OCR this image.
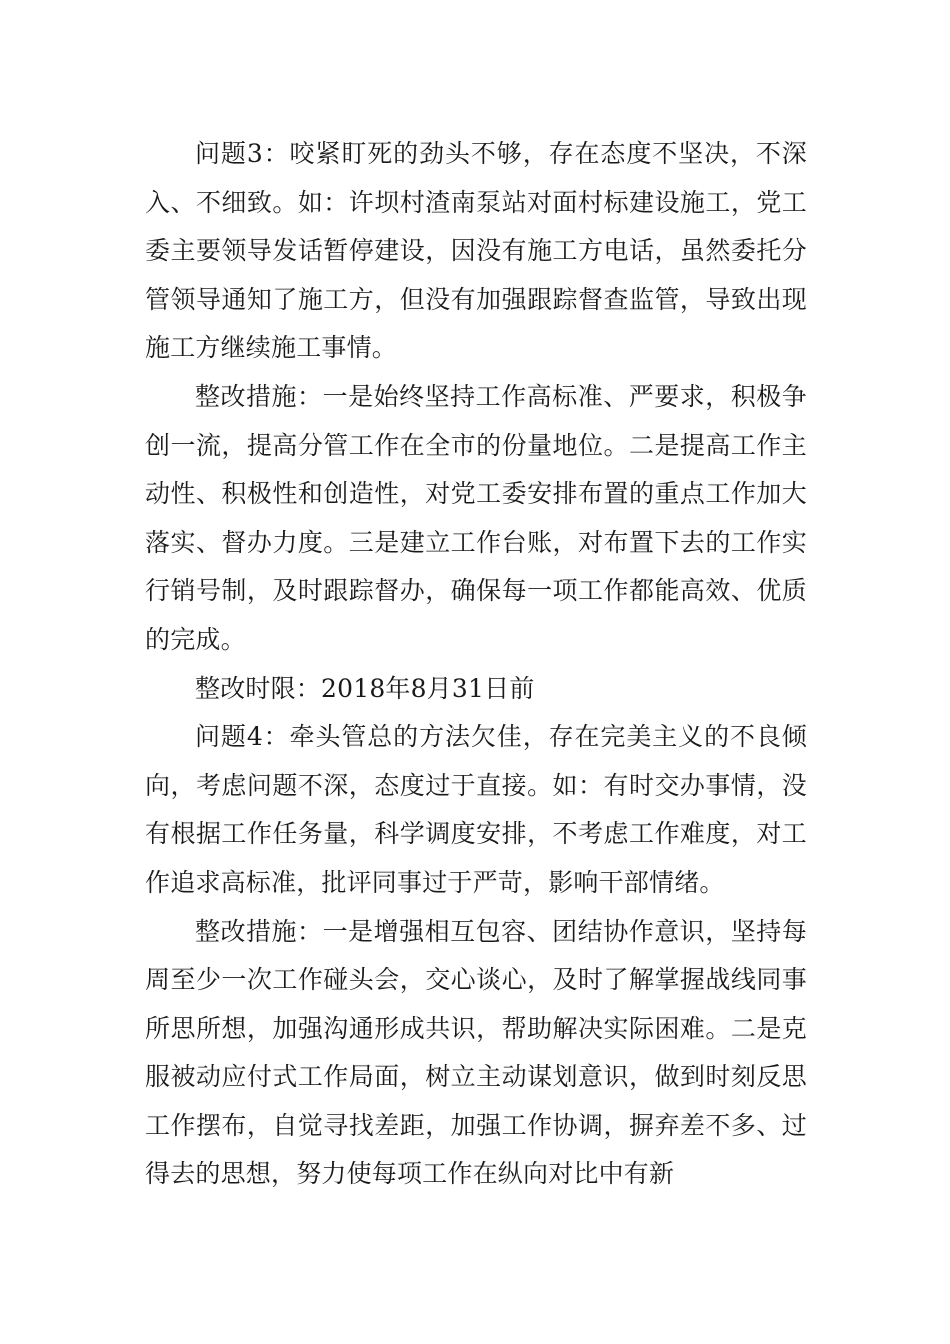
问题3：咬紧盯死的劲头不够，存在态度不坚决，不深入、不细致。如：许坝村渣南泵站对面村标建设施工，党工委主要领导发话暂停建设，因没有施工方电话，虽然委托分管领导通知了施工方，但没有加强跟踪督查监管，导致出现施工方继续施工事情。

整改措施：一是始终坚持工作高标准、严要求，积极争创一流，提高分管工作在全市的份量地位。二是提高工作主动性、积极性和创造性，对党工委安排布置的重点工作加大落实、督办力度。三是建立工作台账，对布置下去的工作实行销号制，及时跟踪督办，确保每一项工作都能高效、优质的完成。

整改时限：2018年8月31日前

问题4：牵头管总的方法欠佳，存在完美主义的不良倾向，考虑问题不深，态度过于直接。如：有时交办事情，没有根据工作任务量，科学调度安排，不考虑工作难度，对工作追求高标准，批评同事过于严苛，影响干部情绪。

整改措施：一是增强相互包容、团结协作意识，坚持每周至少一次工作碰头会，交心谈心，及时了解掌握战线同事所思所想，加强沟通形成共识，帮助解决实际困难。二是克服被动应付式工作局面，树立主动谋划意识，做到时刻反思工作摆布，自觉寻找差距，加强工作协调，摒弃差不多、过得去的思想，努力使每项工作在纵向对比中有新
